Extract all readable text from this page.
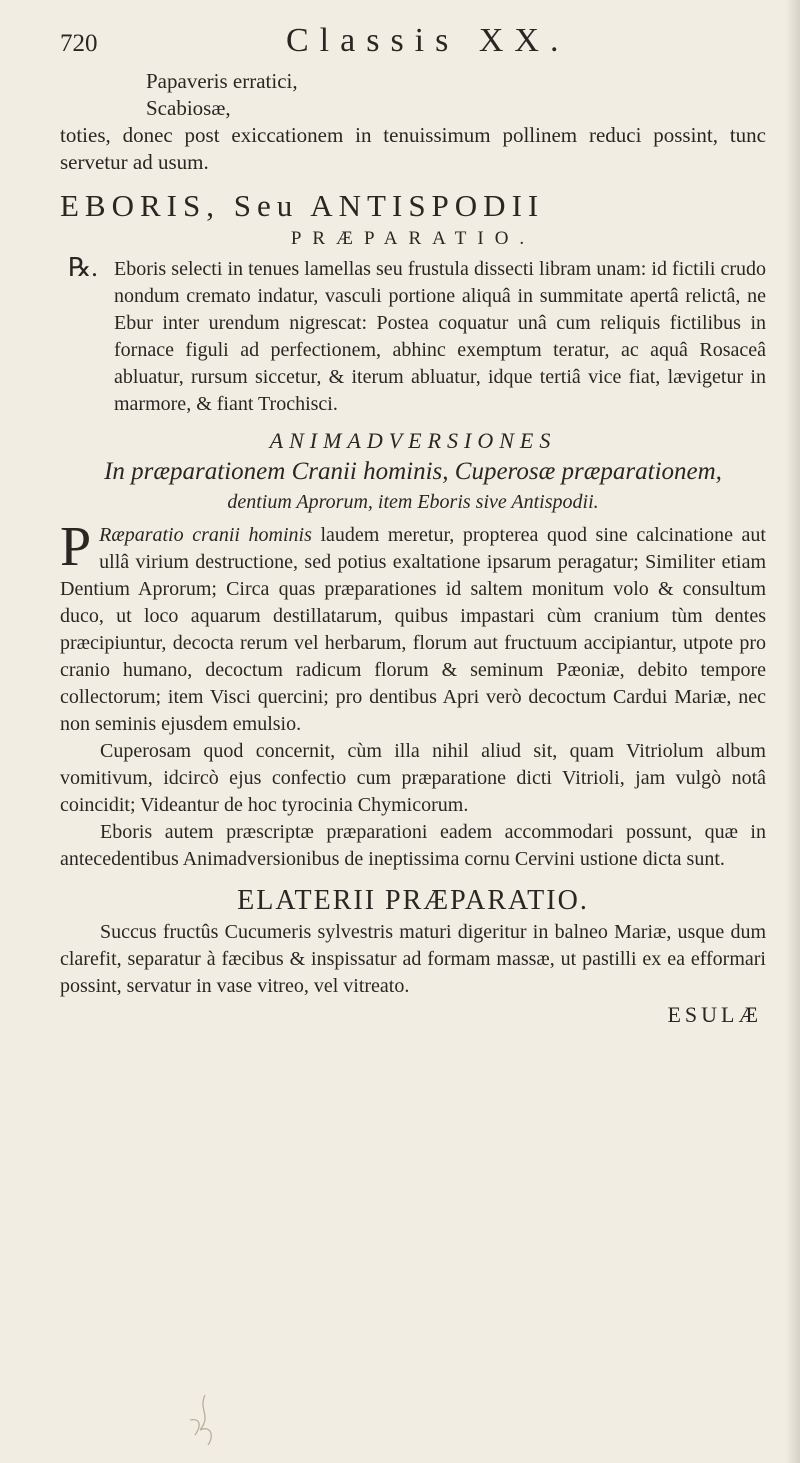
720	Classis XX.
Papaveris erratici,
Scabiosæ,
toties, donec post exiccationem in tenuissimum pollinem reduci possint, tunc servetur ad usum.
EBORIS, Seu ANTISPODII
PRÆPARATIO.
℞. Eboris selecti in tenues lamellas seu frustula dissecti libram unam: id fictili crudo nondum cremato indatur, vasculi portione aliquâ in summitate apertâ relictâ, ne Ebur inter urendum nigrescat: Postea coquatur unâ cum reliquis fictilibus in fornace figuli ad perfectionem, abhinc exemptum teratur, ac aquâ Rosaceâ abluatur, rursum siccetur, & iterum abluatur, idque tertiâ vice fiat, lævigetur in marmore, & fiant Trochisci.
ANIMADVERSIONES
In præparationem Cranii hominis, Cuperosæ præparationem,
dentium Aprorum, item Eboris sive Antispodii.
P Ræparatio cranii hominis laudem meretur, propterea quod sine calcinatione aut ullâ virium destructione, sed potius exaltatione ipsarum peragatur; Similiter etiam Dentium Aprorum; Circa quas præparationes id saltem monitum volo & consultum duco, ut loco aquarum destillatarum, quibus impastari cùm cranium tùm dentes præcipiuntur, decocta rerum vel herbarum, florum aut fructuum accipiantur, utpote pro cranio humano, decoctum radicum florum & seminum Pæoniæ, debito tempore collectorum; item Visci quercini; pro dentibus Apri verò decoctum Cardui Mariæ, nec non seminis ejusdem emulsio.
Cuperosam quod concernit, cùm illa nihil aliud sit, quam Vitriolum album vomitivum, idcircò ejus confectio cum præparatione dicti Vitrioli, jam vulgò notâ coincidit; Videantur de hoc tyrocinia Chymicorum.
Eboris autem præscriptæ præparationi eadem accommodari possunt, quæ in antecedentibus Animadversionibus de ineptissima cornu Cervini ustione dicta sunt.
ELATERII PRÆPARATIO.
Succus fructûs Cucumeris sylvestris maturi digeritur in balneo Mariæ, usque dum clarefit, separatur à fæcibus & inspissatur ad formam massæ, ut pastilli ex ea efformari possint, servatur in vase vitreo, vel vitreato.
ESULÆ
